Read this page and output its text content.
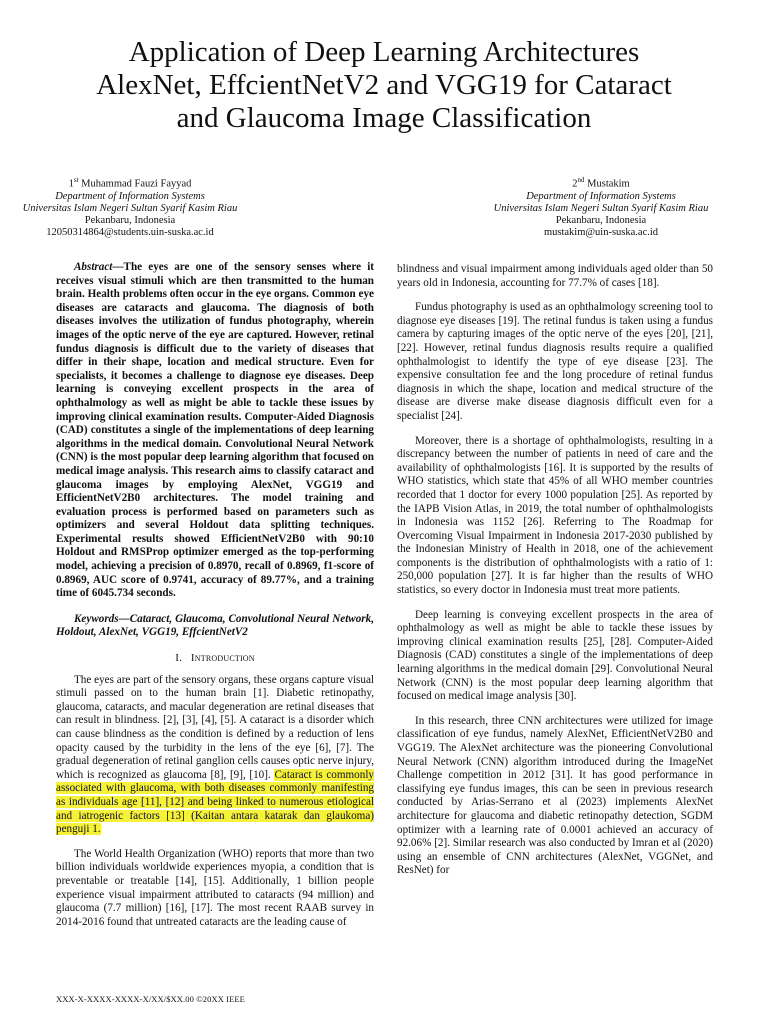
Application of Deep Learning Architectures
AlexNet, EffcientNetV2 and VGG19 for Cataract
and Glaucoma Image Classification
1st Muhammad Fauzi Fayyad
Department of Information Systems
Universitas Islam Negeri Sultan Syarif Kasim Riau
Pekanbaru, Indonesia
12050314864@students.uin-suska.ac.id
2nd Mustakim
Department of Information Systems
Universitas Islam Negeri Sultan Syarif Kasim Riau
Pekanbaru, Indonesia
mustakim@uin-suska.ac.id

Abstract—The eyes are one of the sensory senses where it receives visual stimuli which are then transmitted to the human brain. Health problems often occur in the eye organs. Common eye diseases are cataracts and glaucoma. The diagnosis of both diseases involves the utilization of fundus photography, wherein images of the optic nerve of the eye are captured. However, retinal fundus diagnosis is difficult due to the variety of diseases that differ in their shape, location and medical structure. Even for specialists, it becomes a challenge to diagnose eye diseases. Deep learning is conveying excellent prospects in the area of ophthalmology as well as might be able to tackle these issues by improving clinical examination results. Computer-Aided Diagnosis (CAD) constitutes a single of the implementations of deep learning algorithms in the medical domain. Convolutional Neural Network (CNN) is the most popular deep learning algorithm that focused on medical image analysis. This research aims to classify cataract and glaucoma images by employing AlexNet, VGG19 and EfficientNetV2B0 architectures. The model training and evaluation process is performed based on parameters such as optimizers and several Holdout data splitting techniques. Experimental results showed EfficientNetV2B0 with 90:10 Holdout and RMSProp optimizer emerged as the top-performing model, achieving a precision of 0.8970, recall of 0.8969, f1-score of 0.8969, AUC score of 0.9741, accuracy of 89.77%, and a training time of 6045.734 seconds.

Keywords—Cataract, Glaucoma, Convolutional Neural Network, Holdout, AlexNet, VGG19, EffcientNetV2

I. Introduction

The eyes are part of the sensory organs, these organs capture visual stimuli passed on to the human brain [1]. Diabetic retinopathy, glaucoma, cataracts, and macular degeneration are retinal diseases that can result in blindness. [2], [3], [4], [5]. A cataract is a disorder which can cause blindness as the condition is defined by a reduction of lens opacity caused by the turbidity in the lens of the eye [6], [7]. The gradual degeneration of retinal ganglion cells causes optic nerve injury, which is recognized as glaucoma [8], [9], [10]. Cataract is commonly associated with glaucoma, with both diseases commonly manifesting as individuals age [11], [12] and being linked to numerous etiological and iatrogenic factors [13] (Kaitan antara katarak dan glaukoma) penguji 1.

The World Health Organization (WHO) reports that more than two billion individuals worldwide experiences myopia, a condition that is preventable or treatable [14], [15]. Additionally, 1 billion people experience visual impairment attributed to cataracts (94 million) and glaucoma (7.7 million) [16], [17]. The most recent RAAB survey in 2014-2016 found that untreated cataracts are the leading cause of

blindness and visual impairment among individuals aged older than 50 years old in Indonesia, accounting for 77.7% of cases [18].

Fundus photography is used as an ophthalmology screening tool to diagnose eye diseases [19]. The retinal fundus is taken using a fundus camera by capturing images of the optic nerve of the eyes [20], [21], [22]. However, retinal fundus diagnosis results require a qualified ophthalmologist to identify the type of eye disease [23]. The expensive consultation fee and the long procedure of retinal fundus diagnosis in which the shape, location and medical structure of the disease are diverse make disease diagnosis difficult even for a specialist [24].

Moreover, there is a shortage of ophthalmologists, resulting in a discrepancy between the number of patients in need of care and the availability of ophthalmologists [16]. It is supported by the results of WHO statistics, which state that 45% of all WHO member countries recorded that 1 doctor for every 1000 population [25]. As reported by the IAPB Vision Atlas, in 2019, the total number of ophthalmologists in Indonesia was 1152 [26]. Referring to The Roadmap for Overcoming Visual Impairment in Indonesia 2017-2030 published by the Indonesian Ministry of Health in 2018, one of the achievement components is the distribution of ophthalmologists with a ratio of 1: 250,000 population [27]. It is far higher than the results of WHO statistics, so every doctor in Indonesia must treat more patients.

Deep learning is conveying excellent prospects in the area of ophthalmology as well as might be able to tackle these issues by improving clinical examination results [25], [28]. Computer-Aided Diagnosis (CAD) constitutes a single of the implementations of deep learning algorithms in the medical domain [29]. Convolutional Neural Network (CNN) is the most popular deep learning algorithm that focused on medical image analysis [30].

In this research, three CNN architectures were utilized for image classification of eye fundus, namely AlexNet, EfficientNetV2B0 and VGG19. The AlexNet architecture was the pioneering Convolutional Neural Network (CNN) algorithm introduced during the ImageNet Challenge competition in 2012 [31]. It has good performance in classifying eye fundus images, this can be seen in previous research conducted by Arias-Serrano et al (2023) implements AlexNet architecture for glaucoma and diabetic retinopathy detection, SGDM optimizer with a learning rate of 0.0001 achieved an accuracy of 92.06% [2]. Similar research was also conducted by Imran et al (2020) using an ensemble of CNN architectures (AlexNet, VGGNet, and ResNet) for

XXX-X-XXXX-XXXX-X/XX/$XX.00 ©20XX IEEE
